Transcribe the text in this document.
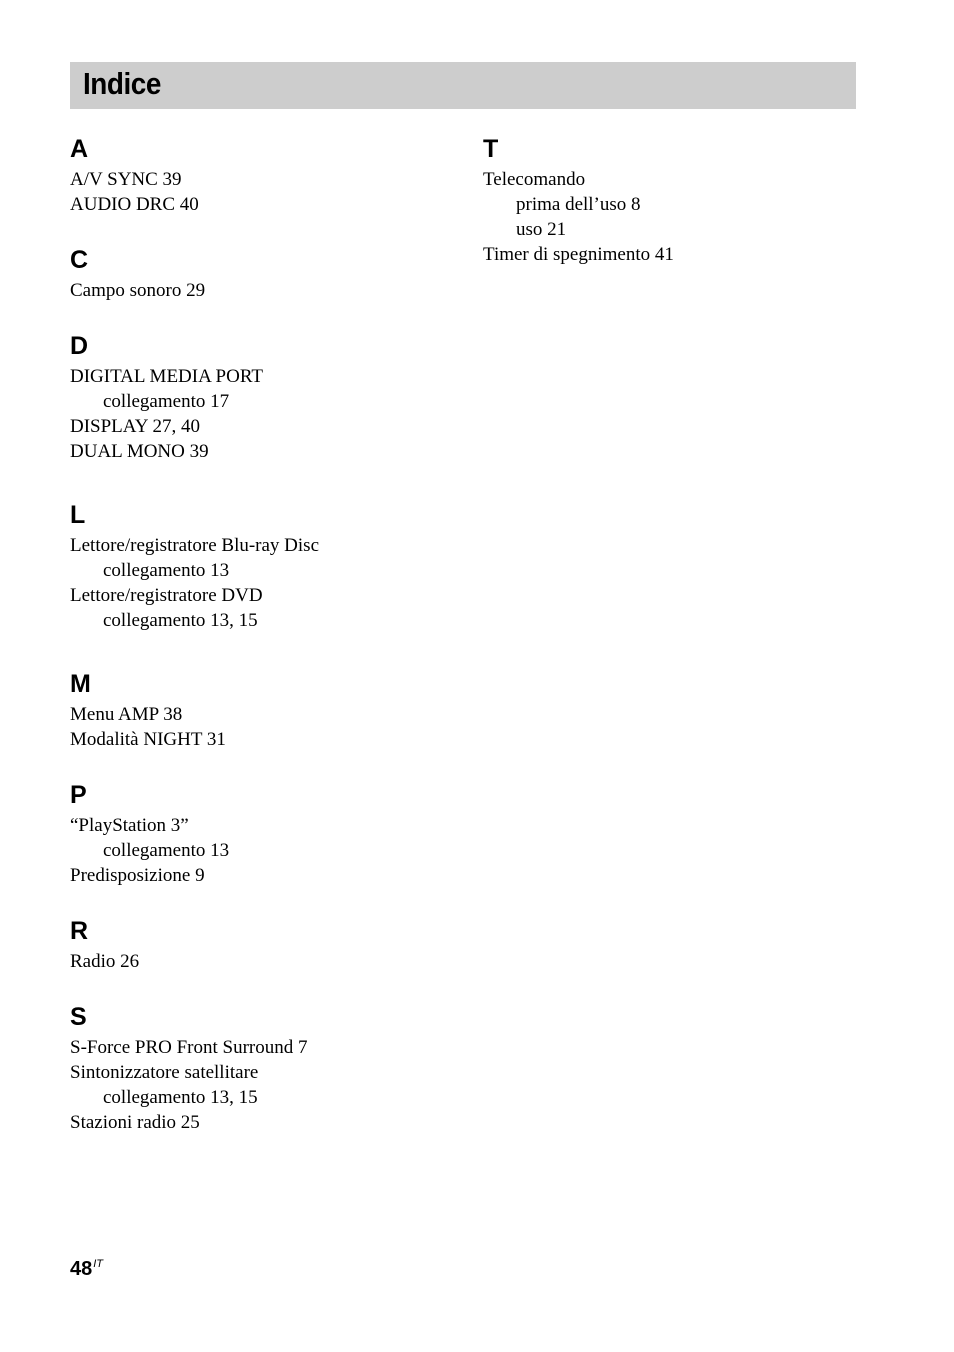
Indice
A
A/V SYNC 39
AUDIO DRC 40
C
Campo sonoro 29
D
DIGITAL MEDIA PORT
collegamento 17
DISPLAY 27, 40
DUAL MONO 39
L
Lettore/registratore Blu-ray Disc
collegamento 13
Lettore/registratore DVD
collegamento 13, 15
M
Menu AMP 38
Modalità NIGHT 31
P
“PlayStation 3”
collegamento 13
Predisposizione 9
R
Radio 26
S
S-Force PRO Front Surround 7
Sintonizzatore satellitare
collegamento 13, 15
Stazioni radio 25
T
Telecomando
prima dell’uso 8
uso 21
Timer di spegnimento 41
$48^{IT}$
